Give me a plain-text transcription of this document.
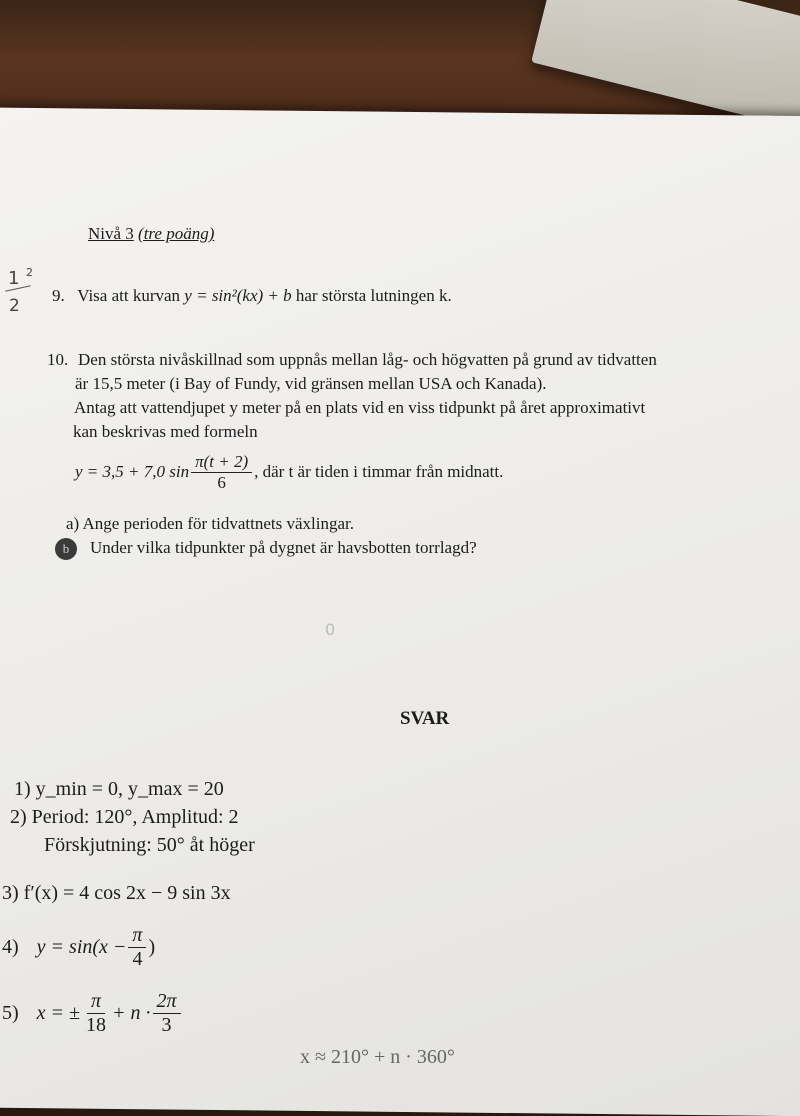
Nivå 3 (tre poäng)
1 2
2
9. Visa att kurvan y = sin²(kx) + b har största lutningen k.
10. Den största nivåskillnad som uppnås mellan låg- och högvatten på grund av tidvatten
är 15,5 meter (i Bay of Fundy, vid gränsen mellan USA och Kanada).
Antag att vattendjupet y meter på en plats vid en viss tidpunkt på året approximativt
kan beskrivas med formeln
y = 3,5 + 7,0 $\sin \frac{\pi(t + 2)}{6}$ , där t är tiden i timmar från midnatt.
a) Ange perioden för tidvattnets växlingar.
b	Under vilka tidpunkter på dygnet är havsbotten torrlagd?
0
SVAR
1) y_min = 0, y_max = 20
2) Period: 120°, Amplitud: 2
Förskjutning: 50° åt höger
3) f′(x) = 4 cos 2x − 9 sin 3x
4) $y = \sin(x - \frac{\pi}{4}$ )
5) x = ± $\frac{\pi}{18} + n \cdot \frac{2\pi}{3}$
x ≈ 210° + n · 360°
